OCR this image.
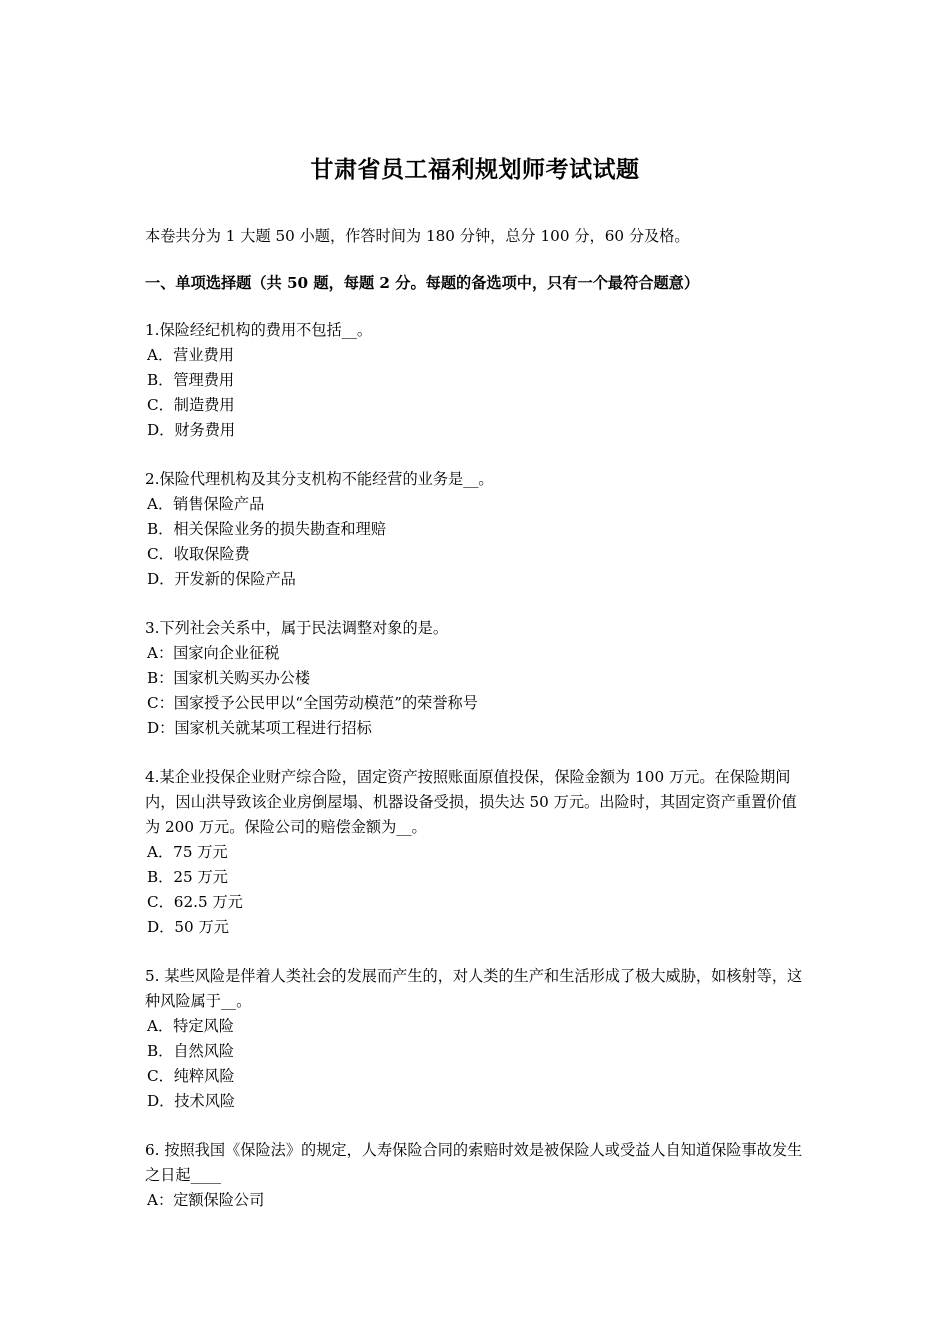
甘肃省员工福利规划师考试试题

本卷共分为 1 大题 50 小题，作答时间为 180 分钟，总分 100 分，60 分及格。

一、单项选择题（共 50 题，每题 2 分。每题的备选项中，只有一个最符合题意）

1.保险经纪机构的费用不包括__。

A．营业费用
B．管理费用
C．制造费用
D．财务费用

2.保险代理机构及其分支机构不能经营的业务是__。

A．销售保险产品
B．相关保险业务的损失勘查和理赔
C．收取保险费
D．开发新的保险产品

3.下列社会关系中，属于民法调整对象的是。

A：国家向企业征税
B：国家机关购买办公楼
C：国家授予公民甲以“全国劳动模范”的荣誉称号
D：国家机关就某项工程进行招标

4.某企业投保企业财产综合险，固定资产按照账面原值投保，保险金额为 100 万元。在保险期间内，因山洪导致该企业房倒屋塌、机器设备受损，损失达 50 万元。出险时，其固定资产重置价值为 200 万元。保险公司的赔偿金额为__。

A．75 万元
B．25 万元
C．62.5 万元
D．50 万元

5. 某些风险是伴着人类社会的发展而产生的，对人类的生产和生活形成了极大威胁，如核射等，这种风险属于__。

A．特定风险
B．自然风险
C．纯粹风险
D．技术风险

6. 按照我国《保险法》的规定，人寿保险合同的索赔时效是被保险人或受益人自知道保险事故发生之日起____

A：定额保险公司
